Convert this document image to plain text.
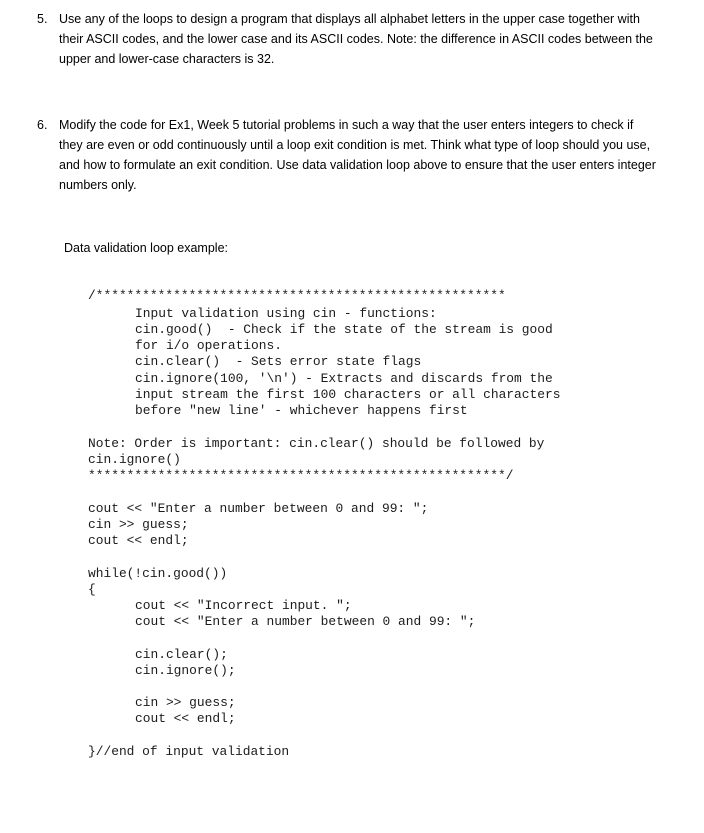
5. Use any of the loops to design a program that displays all alphabet letters in the upper case together with their ASCII codes, and the lower case and its ASCII codes. Note: the difference in ASCII codes between the upper and lower-case characters is 32.
6. Modify the code for Ex1, Week 5 tutorial problems in such a way that the user enters integers to check if they are even or odd continuously until a loop exit condition is met. Think what type of loop should you use, and how to formulate an exit condition. Use data validation loop above to ensure that the user enters integer numbers only.
Data validation loop example:
/*****************************************************
Input validation using cin - functions:
cin.good()  - Check if the state of the stream is good
for i/o operations.
cin.clear()  - Sets error state flags
cin.ignore(100, '\n') - Extracts and discards from the
input stream the first 100 characters or all characters
before "new line' - whichever happens first
Note: Order is important: cin.clear() should be followed by
cin.ignore()
******************************************************/
cout << "Enter a number between 0 and 99: ";
cin >> guess;
cout << endl;
while(!cin.good())
{
cout << "Incorrect input. ";
cout << "Enter a number between 0 and 99: ";
cin.clear();
cin.ignore();
cin >> guess;
cout << endl;
}//end of input validation
